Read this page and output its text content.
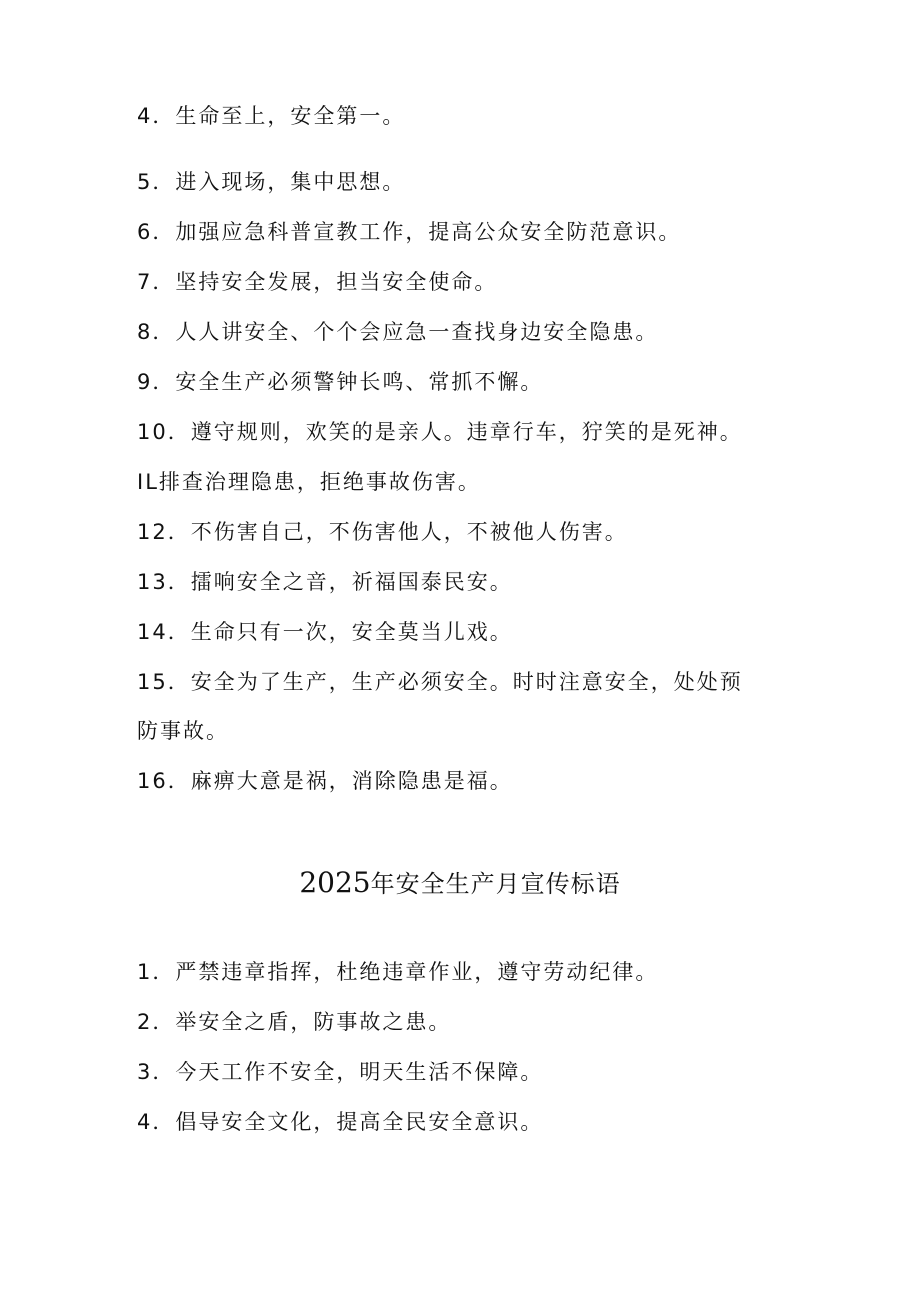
4．生命至上，安全第一。
5．进入现场，集中思想。
6．加强应急科普宣教工作，提高公众安全防范意识。
7．坚持安全发展，担当安全使命。
8．人人讲安全、个个会应急一查找身边安全隐患。
9．安全生产必须警钟长鸣、常抓不懈。
10．遵守规则，欢笑的是亲人。违章行车，狞笑的是死神。
IL排查治理隐患，拒绝事故伤害。
12．不伤害自己，不伤害他人，不被他人伤害。
13．擂响安全之音，祈福国泰民安。
14．生命只有一次，安全莫当儿戏。
15．安全为了生产，生产必须安全。时时注意安全，处处预
防事故。
16．麻痹大意是祸，消除隐患是福。
2025年安全生产月宣传标语
1．严禁违章指挥，杜绝违章作业，遵守劳动纪律。
2．举安全之盾，防事故之患。
3．今天工作不安全，明天生活不保障。
4．倡导安全文化，提高全民安全意识。
